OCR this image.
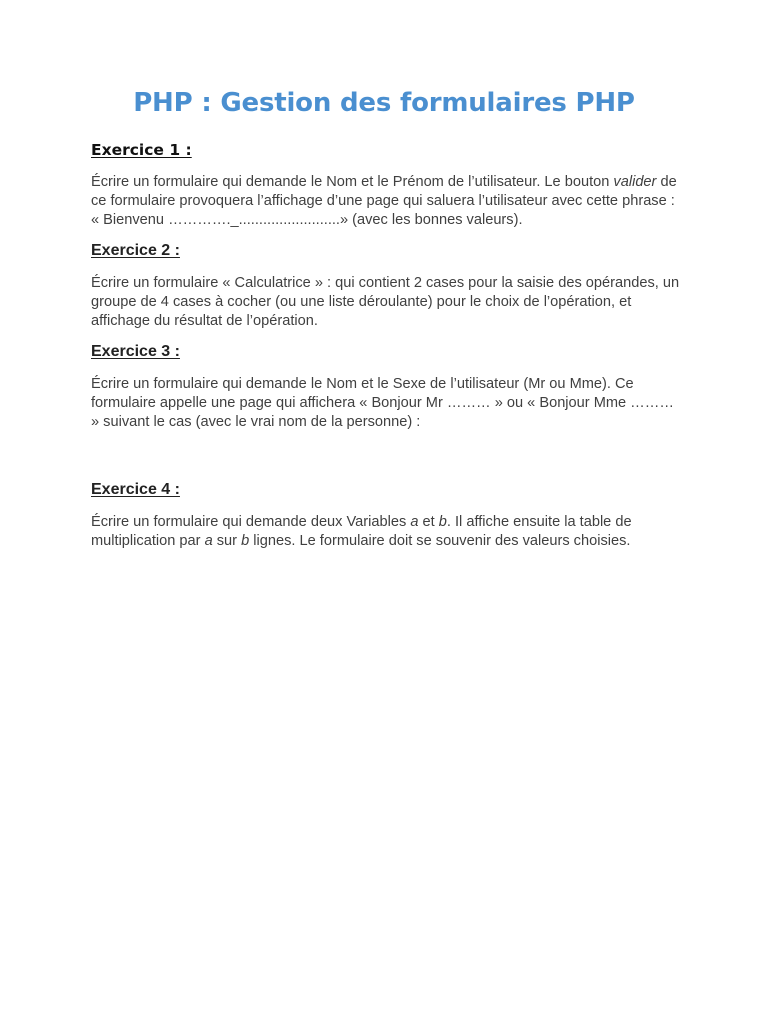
PHP : Gestion des formulaires PHP
Exercice 1 :

Écrire un formulaire qui demande le Nom et le Prénom de l’utilisateur. Le bouton valider de ce formulaire provoquera l’affichage d’une page qui saluera l’utilisateur avec cette phrase : « Bienvenu …………._.........................» (avec les bonnes valeurs).

Exercice 2 :

Écrire un formulaire « Calculatrice » : qui contient 2 cases pour la saisie des opérandes, un groupe de 4 cases à cocher (ou une liste déroulante) pour le choix de l’opération, et affichage du résultat de l’opération.

Exercice 3 :

Écrire un formulaire qui demande le Nom et le Sexe de l’utilisateur (Mr ou Mme). Ce formulaire appelle une page qui affichera « Bonjour Mr ……… » ou « Bonjour Mme ……… » suivant le cas (avec le vrai nom de la personne) :

Exercice 4 :

Écrire un formulaire qui demande deux Variables a et b. Il affiche ensuite la table de multiplication par a sur b lignes. Le formulaire doit se souvenir des valeurs choisies.
